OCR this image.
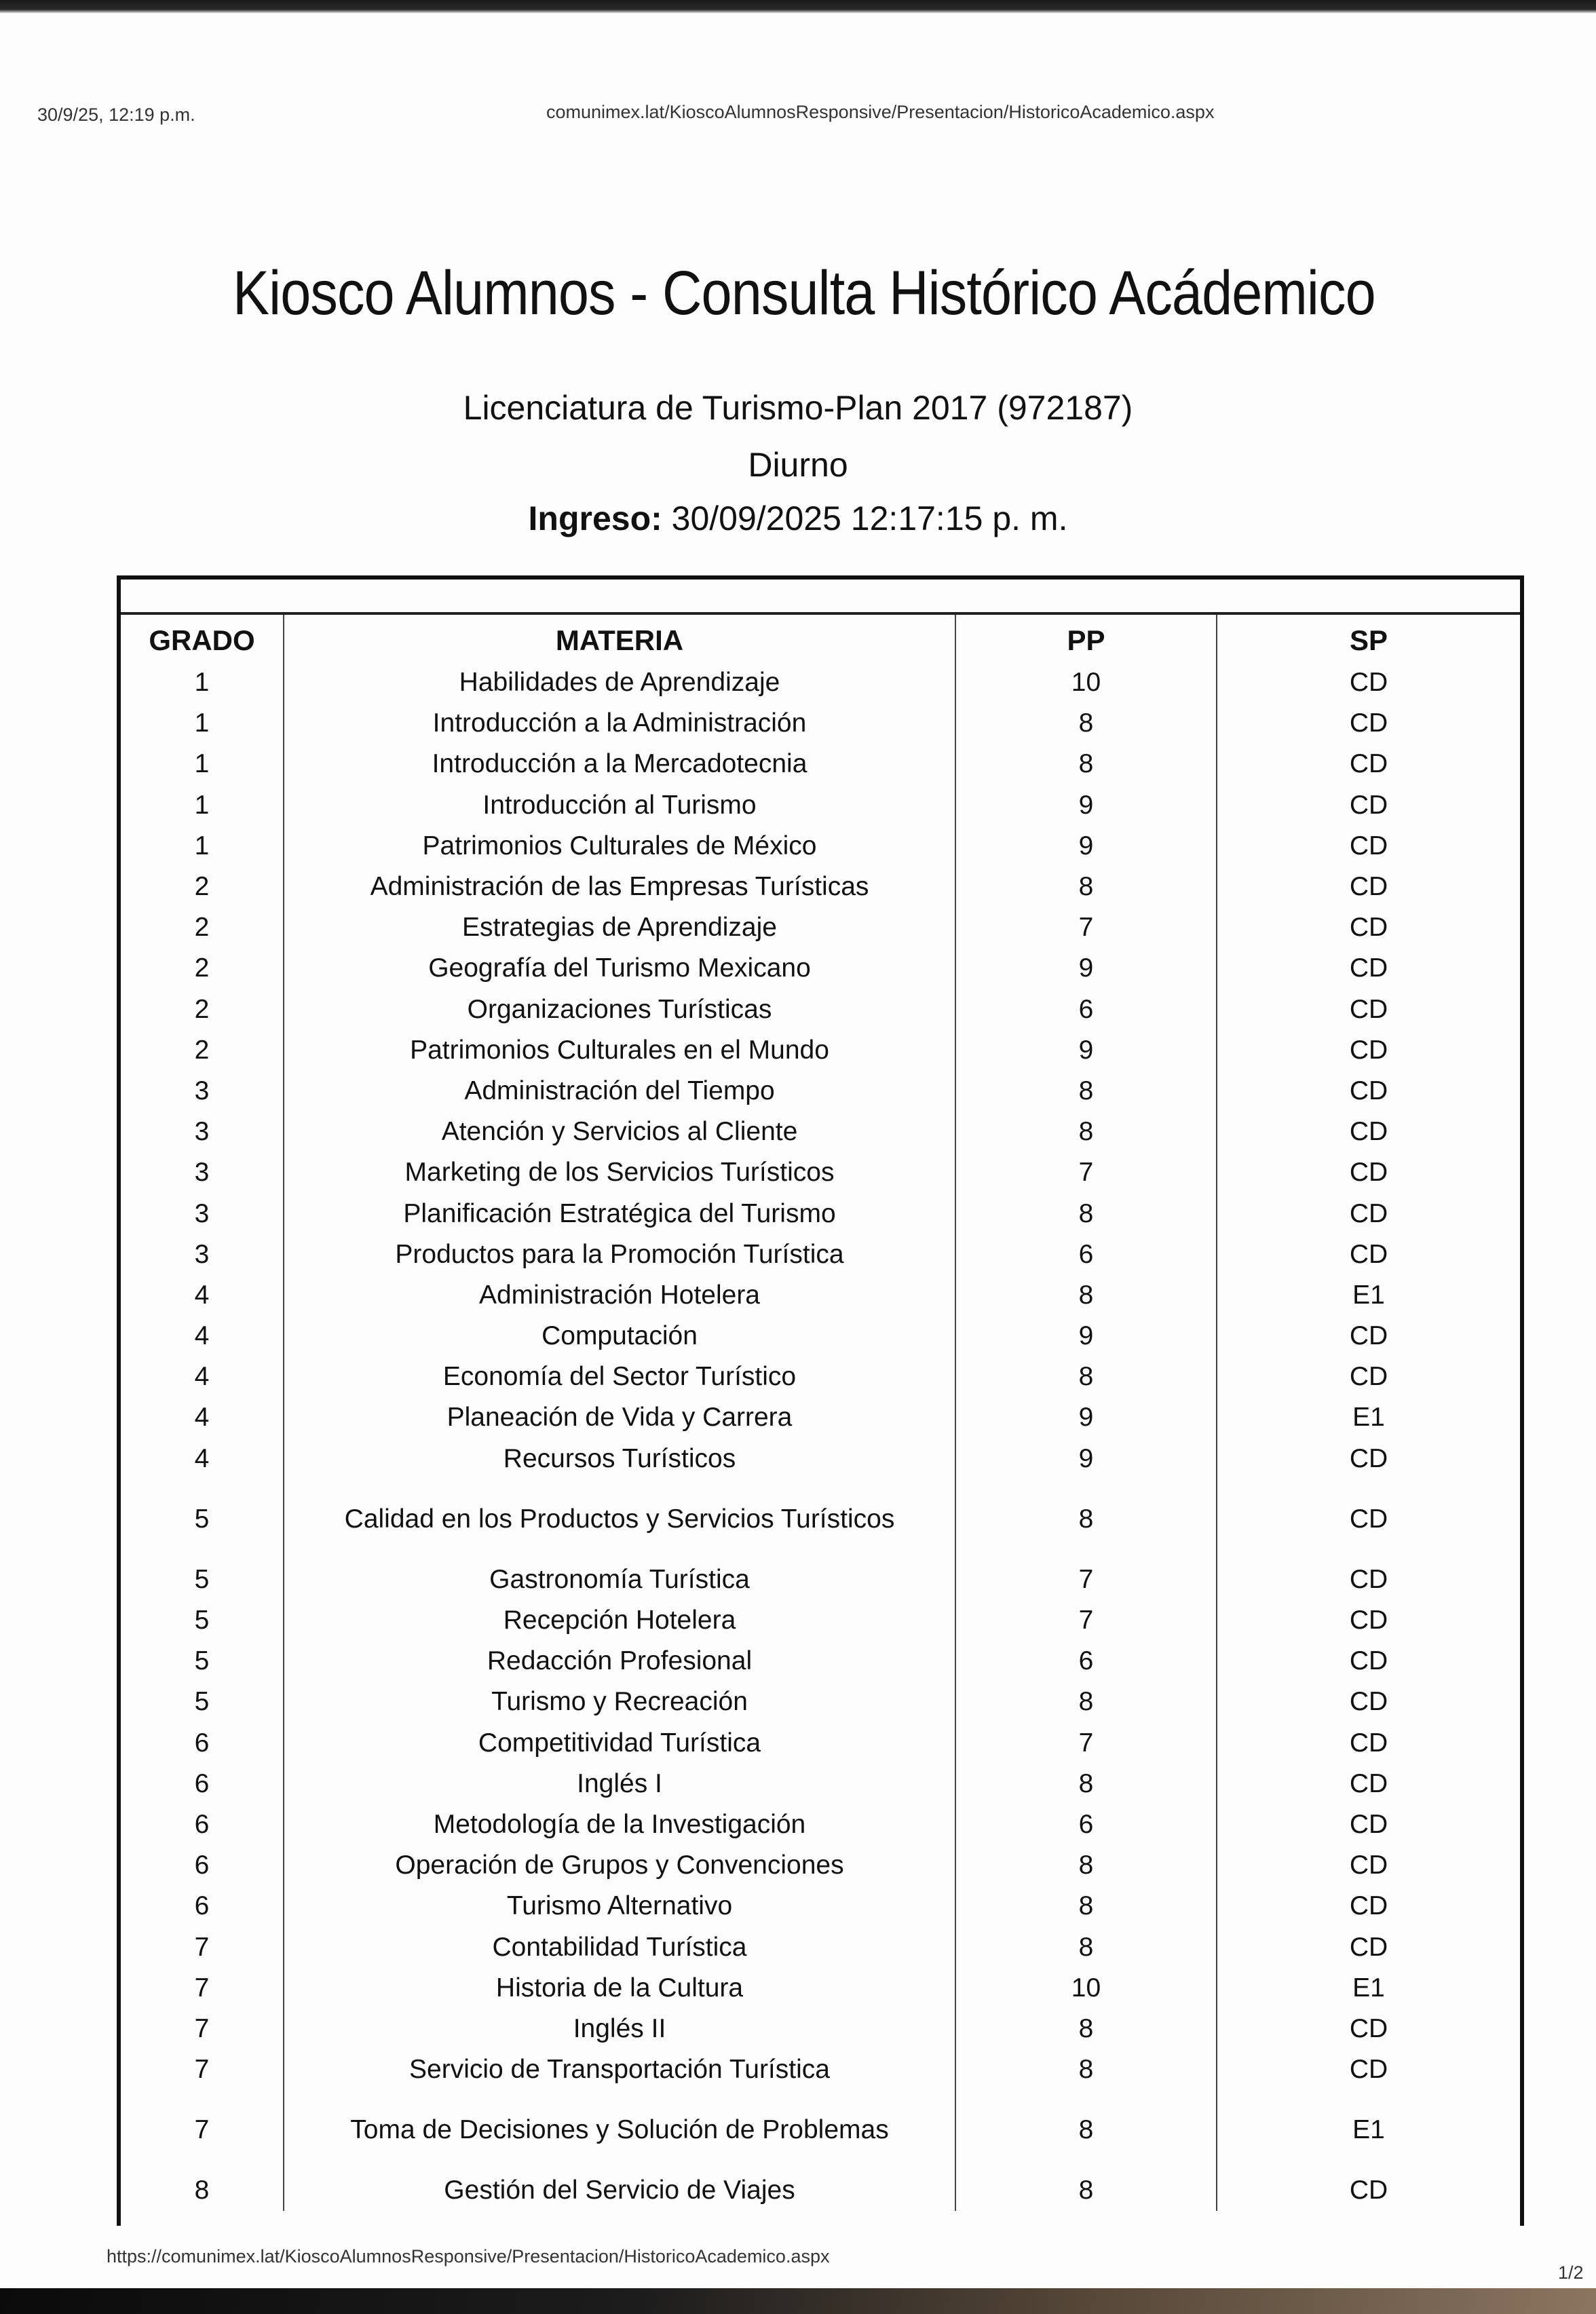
30/9/25, 12:19 p.m.	comunimex.lat/KioscoAlumnosResponsive/Presentacion/HistoricoAcademico.aspx
Kiosco Alumnos - Consulta Histórico Acádemico
Licenciatura de Turismo-Plan 2017 (972187)
Diurno
Ingreso: 30/09/2025 12:17:15 p. m.
GRADO	MATERIA	PP	SP
1	Habilidades de Aprendizaje	10	CD
1	Introducción a la Administración	8	CD
1	Introducción a la Mercadotecnia	8	CD
1	Introducción al Turismo	9	CD
1	Patrimonios Culturales de México	9	CD
2	Administración de las Empresas Turísticas	8	CD
2	Estrategias de Aprendizaje	7	CD
2	Geografía del Turismo Mexicano	9	CD
2	Organizaciones Turísticas	6	CD
2	Patrimonios Culturales en el Mundo	9	CD
3	Administración del Tiempo	8	CD
3	Atención y Servicios al Cliente	8	CD
3	Marketing de los Servicios Turísticos	7	CD
3	Planificación Estratégica del Turismo	8	CD
3	Productos para la Promoción Turística	6	CD
4	Administración Hotelera	8	E1
4	Computación	9	CD
4	Economía del Sector Turístico	8	CD
4	Planeación de Vida y Carrera	9	E1
4	Recursos Turísticos	9	CD
5	Calidad en los Productos y Servicios Turísticos	8	CD
5	Gastronomía Turística	7	CD
5	Recepción Hotelera	7	CD
5	Redacción Profesional	6	CD
5	Turismo y Recreación	8	CD
6	Competitividad Turística	7	CD
6	Inglés I	8	CD
6	Metodología de la Investigación	6	CD
6	Operación de Grupos y Convenciones	8	CD
6	Turismo Alternativo	8	CD
7	Contabilidad Turística	8	CD
7	Historia de la Cultura	10	E1
7	Inglés II	8	CD
7	Servicio de Transportación Turística	8	CD
7	Toma de Decisiones y Solución de Problemas	8	E1
8	Gestión del Servicio de Viajes	8	CD
https://comunimex.lat/KioscoAlumnosResponsive/Presentacion/HistoricoAcademico.aspx
1/2
